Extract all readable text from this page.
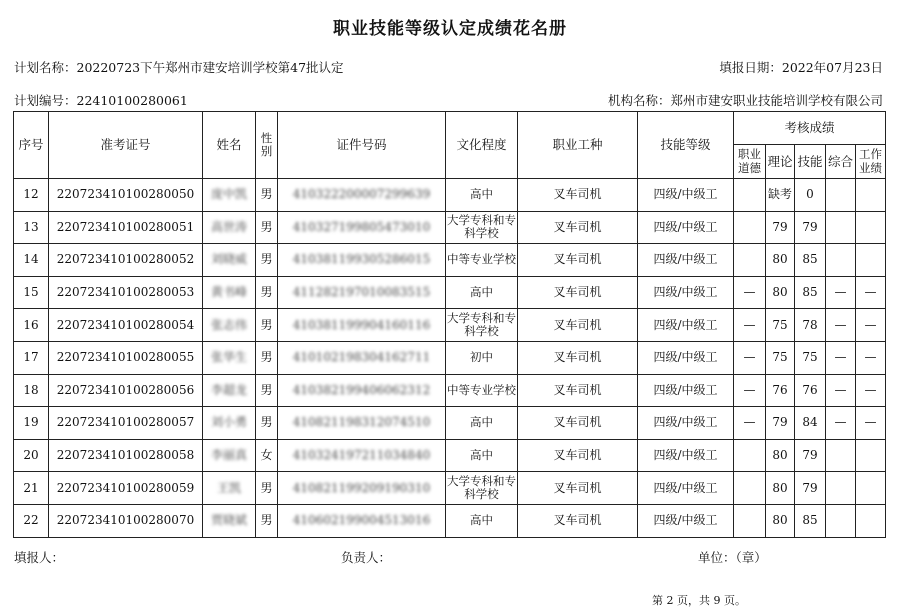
职业技能等级认定成绩花名册
计划名称：20220723下午郑州市建安培训学校第47批认定	填报日期：2022年07月23日
计划编号：22410100280061	机构名称：郑州市建安职业技能培训学校有限公司
序号	准考证号	姓名	性别	证件号码	文化程度	职业工种	技能等级	考核成绩				
								职业道德	理论	技能	综合	工作业绩
12	220723410100280050	庞中凯	男	410322200007299639	高中	叉车司机	四级/中级工		缺考	0		
13	220723410100280051	高世涛	男	410327199805473010	大学专科和专科学校	叉车司机	四级/中级工		79	79		
14	220723410100280052	刘晓威	男	410381199305286015	中等专业学校	叉车司机	四级/中级工		80	85		
15	220723410100280053	黄书峰	男	411282197010083515	高中	叉车司机	四级/中级工	—	80	85	—	—
16	220723410100280054	张志伟	男	410381199904160116	大学专科和专科学校	叉车司机	四级/中级工	—	75	78	—	—
17	220723410100280055	张华生	男	410102198304162711	初中	叉车司机	四级/中级工	—	75	75	—	—
18	220723410100280056	李超龙	男	410382199406062312	中等专业学校	叉车司机	四级/中级工	—	76	76	—	—
19	220723410100280057	刘小勇	男	410821198312074510	高中	叉车司机	四级/中级工	—	79	84	—	—
20	220723410100280058	李丽真	女	410324197211034840	高中	叉车司机	四级/中级工		80	79		
21	220723410100280059	王凯	男	410821199209190310	大学专科和专科学校	叉车司机	四级/中级工		80	79		
22	220723410100280070	贾晓斌	男	410602199004513016	高中	叉车司机	四级/中级工		80	85		
填报人：	负责人：	单位：（章）
第 2 页，共 9 页。
